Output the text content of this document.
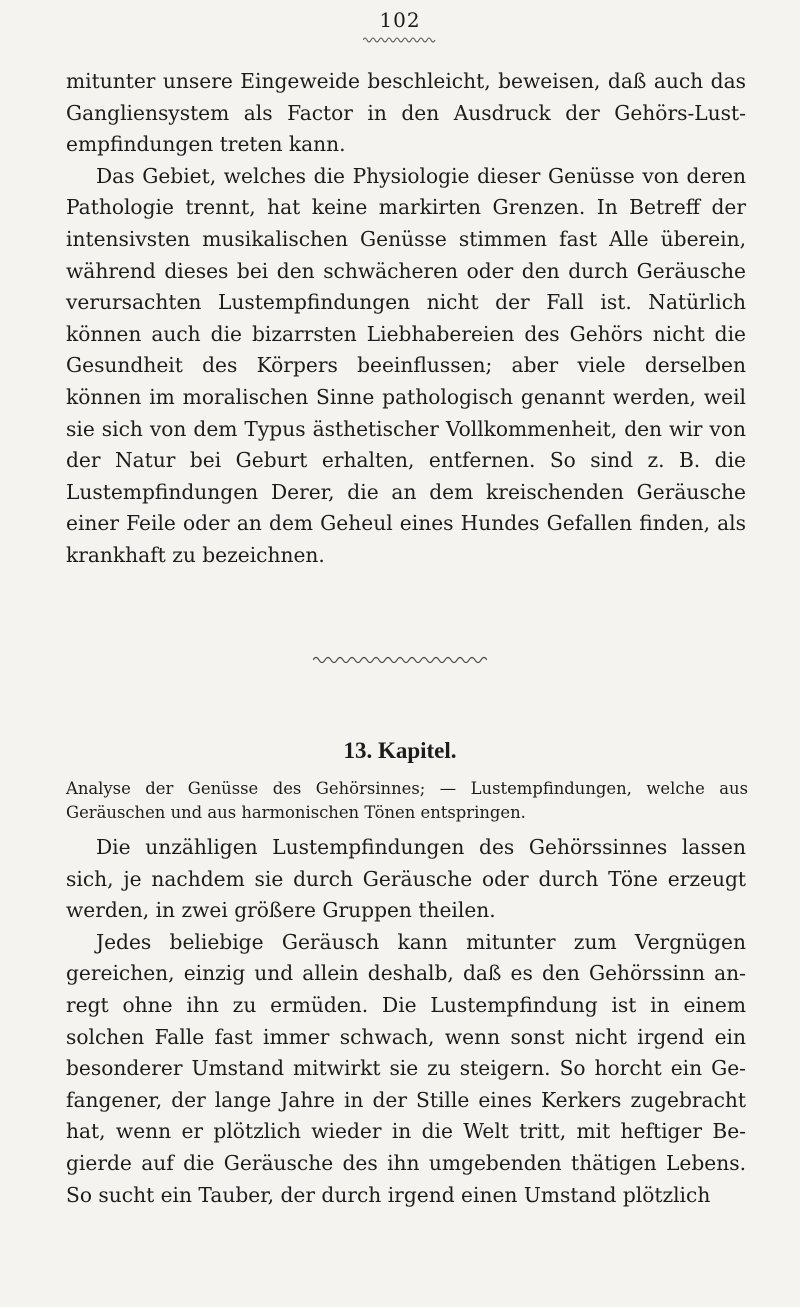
102

mitunter unsere Eingeweide beschleicht, beweisen, daß auch das Gangliensystem als Factor in den Ausdruck der Gehörs-Lustempfindungen treten kann.

Das Gebiet, welches die Physiologie dieser Genüsse von deren Pathologie trennt, hat keine markirten Grenzen. In Betreff der intensivsten musikalischen Genüsse stimmen fast Alle überein, während dieses bei den schwächeren oder den durch Geräusche verursachten Lustempfindungen nicht der Fall ist. Natürlich können auch die bizarrsten Liebhabereien des Gehörs nicht die Gesundheit des Körpers beeinflussen; aber viele derselben können im moralischen Sinne pathologisch genannt werden, weil sie sich von dem Typus ästhetischer Vollkommenheit, den wir von der Natur bei Geburt erhalten, entfernen. So sind z. B. die Lustempfindungen Derer, die an dem kreischenden Geräusche einer Feile oder an dem Geheul eines Hundes Gefallen finden, als krankhaft zu bezeichnen.

13. Kapitel.

Analyse der Genüsse des Gehörsinnes; — Lustempfindungen, welche aus Geräuschen und aus harmonischen Tönen entspringen.

Die unzähligen Lustempfindungen des Gehörssinnes lassen sich, je nachdem sie durch Geräusche oder durch Töne erzeugt werden, in zwei größere Gruppen theilen.

Jedes beliebige Geräusch kann mitunter zum Vergnügen gereichen, einzig und allein deshalb, daß es den Gehörssinn anregt ohne ihn zu ermüden. Die Lustempfindung ist in einem solchen Falle fast immer schwach, wenn sonst nicht irgend ein besonderer Umstand mitwirkt sie zu steigern. So horcht ein Gefangener, der lange Jahre in der Stille eines Kerkers zugebracht hat, wenn er plötzlich wieder in die Welt tritt, mit heftiger Begierde auf die Geräusche des ihn umgebenden thätigen Lebens. So sucht ein Tauber, der durch irgend einen Umstand plötzlich
